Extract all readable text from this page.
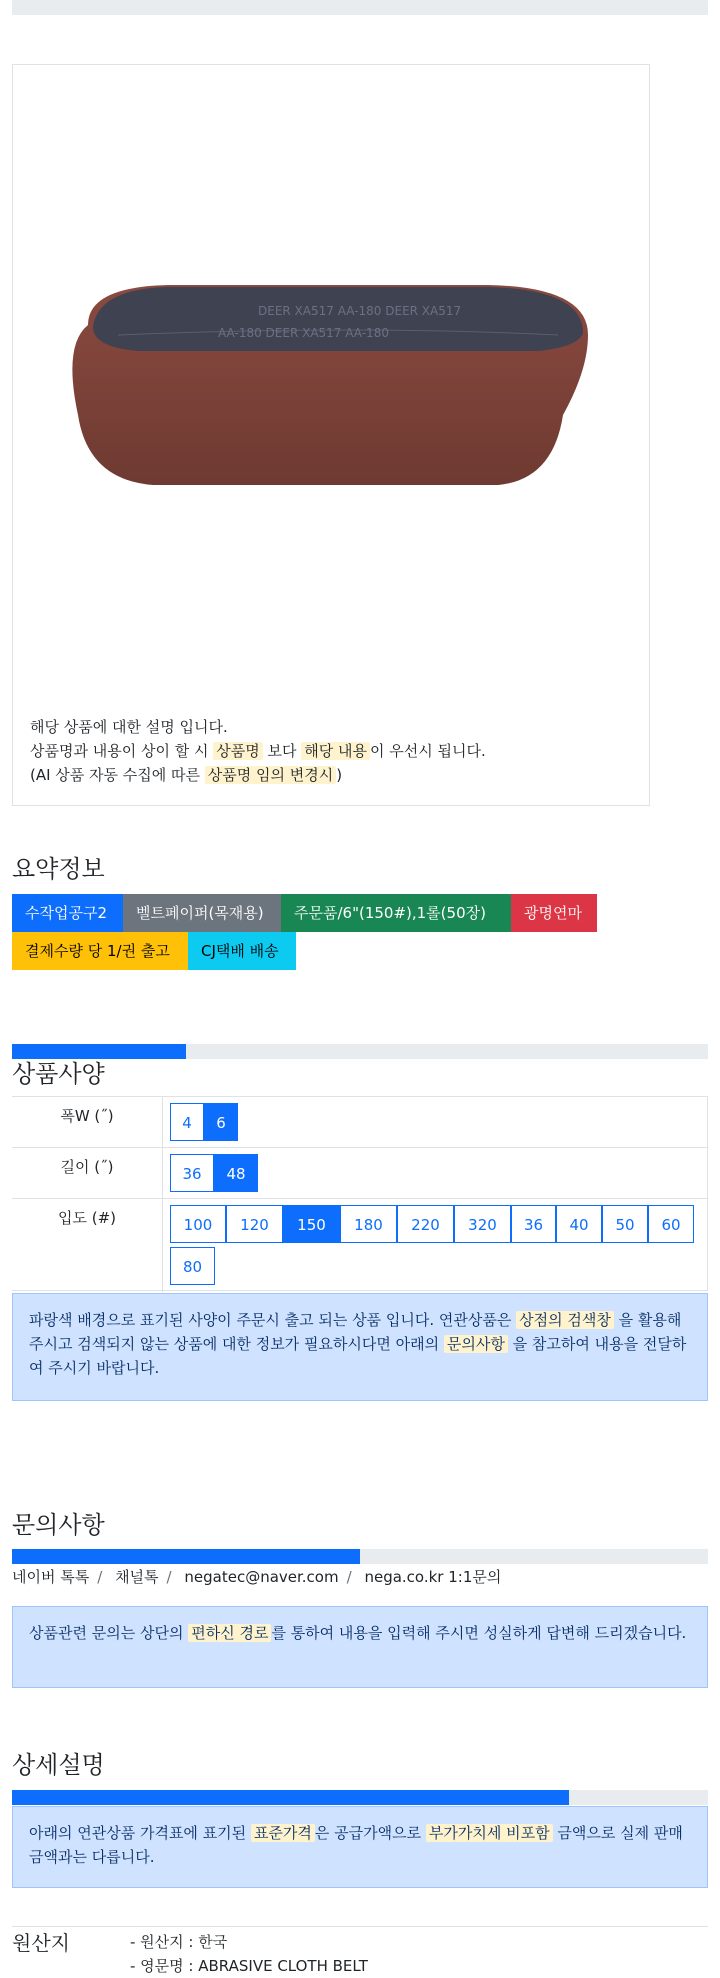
DEER XA517 AA-180 DEER XA517
AA-180 DEER XA517 AA-180
해당 상품에 대한 설명 입니다.
상품명과 내용이 상이 할 시 상품명 보다 해당 내용 이 우선시 됩니다.
(AI 상품 자동 수집에 따른 상품명 임의 변경시 )
요약정보
수작업공구2	벨트페이퍼(목재용)	주문품/6"(150#),1롤(50장)	광명연마
결제수량 당 1/권 출고	CJ택배 배송
상품사양
폭W (˝)	4	6
길이 (˝)	36	48
입도 (#)	100	120	150	180	220	320	36	40	50	60
80
파랑색 배경으로 표기된 사양이 주문시 출고 되는 상품 입니다. 연관상품은 상점의 검색창 을 활용해 주시고 검색되지 않는 상품에 대한 정보가 필요하시다면 아래의 문의사항 을 참고하여 내용을 전달하여 주시기 바랍니다.
문의사항
네이버 톡톡 / 채널톡 / negatec@naver.com / nega.co.kr 1:1문의
상품관련 문의는 상단의 편하신 경로 를 통하여 내용을 입력해 주시면 성실하게 답변해 드리겠습니다.
상세설명
아래의 연관상품 가격표에 표기된 표준가격 은 공급가액으로 부가가치세 비포함 금액으로 실제 판매금액과는 다릅니다.
원산지	- 원산지 : 한국
- 영문명 : ABRASIVE CLOTH BELT
